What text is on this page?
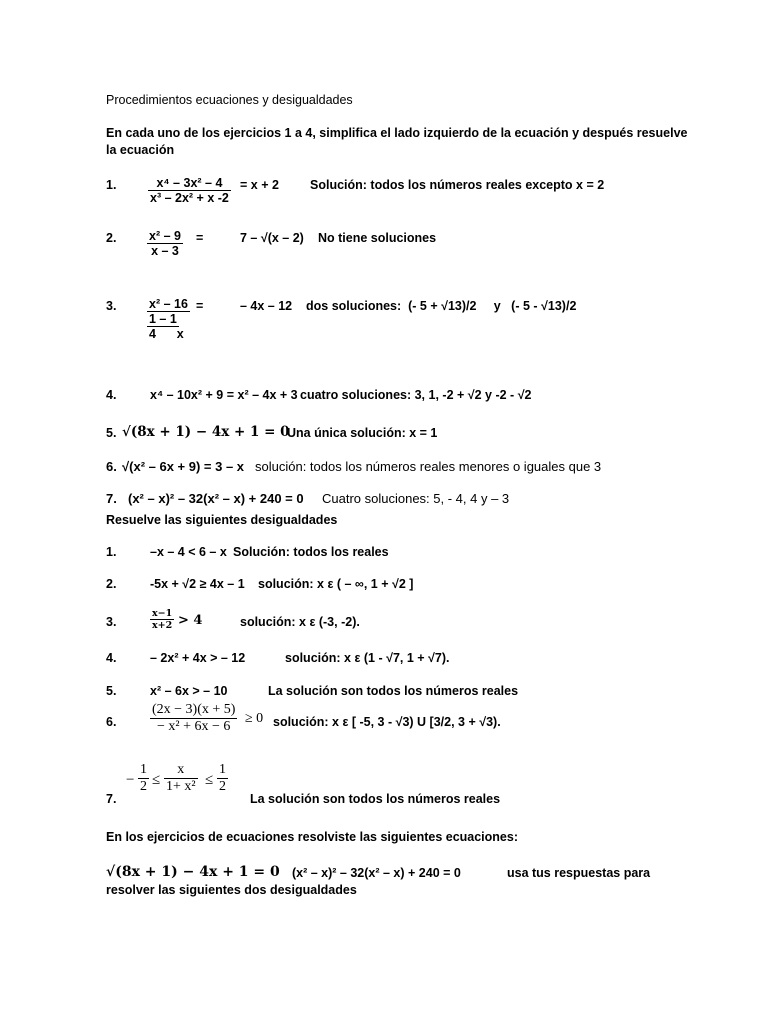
Procedimientos ecuaciones y desigualdades
En cada uno de los ejercicios 1 a 4, simplifica el lado izquierdo de la ecuación y después resuelve
la ecuación
1.	$\frac{\text{x⁴ – 3x² – 4}}{\text{x³ – 2x² + x -2}} = x + 2$ Solución: todos los números reales excepto x = 2
2. $\frac{\text{x² – 9}}{x - 3}$ =	7 – √(x – 2) No tiene soluciones
3.	x² – 16
1 – 1
4      x
=	– 4x – 12 dos soluciones:  (- 5 + √13)/2     y   (- 5 - √13)/2
4.	x⁴ – 10x² + 9 = x² – 4x + 3 cuatro soluciones: 3, 1, -2 + √2 y -2 - √2
5. √(8x + 1) − 4x + 1 = 0
Una única solución: x = 1
6. √(x² – 6x + 9) = 3 – x solución: todos los números reales menores o iguales que 3
7. (x² – x)² – 32(x² – x) + 240 = 0 Cuatro soluciones: 5, - 4, 4 y – 3
Resuelve las siguientes desigualdades
1.	–x – 4 < 6 – x Solución: todos los reales
2.	-5x + √2 ≥ 4x – 1 solución: x ε ( – ∞, 1 + √2 ]
3.	$\frac{x-1}{x+2} > 4$	solución: x ε (-3, -2).
4.	– 2x² + 4x > – 12	solución: x ε (1 - √7, 1 + √7).
5.	x² – 6x > – 10	La solución son todos los números reales
6. $\frac{(2x - 3)(x + 5)}{\text{− x² + 6x − 6}} \ge 0$ solución: x ε [ -5, 3 - √3) U [3/2, 3 + √3).
7.
− $\frac{1}{2} \le \frac{x}{\text{1+ x²}} \le \frac{1}{2}$
La solución son todos los números reales
En los ejercicios de ecuaciones resolviste las siguientes ecuaciones:
√(8x + 1) − 4x + 1 = 0 (x² – x)² – 32(x² – x) + 240 = 0	usa tus respuestas para
resolver las siguientes dos desigualdades
